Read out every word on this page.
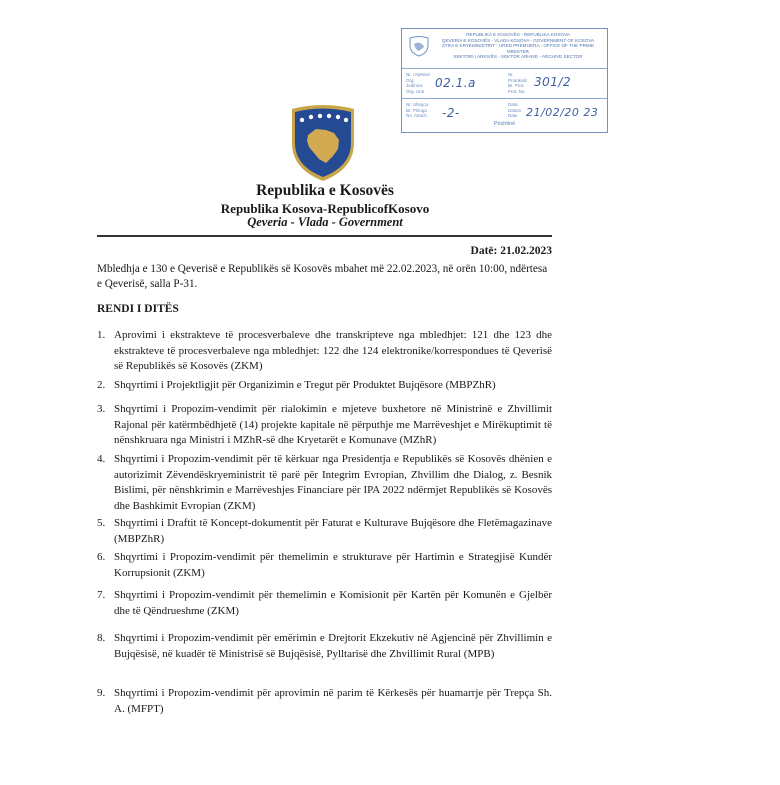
REPUBLIKA E KOSOVËS - REPUBLIKA KOSOVA
QEVERIA E KOSOVËS - VLADA KOSOVA - GOVERNMENT OF KOSOVA
ZYRA E KRYEMINISTRIT - URED PREMIJERA - OFFICE OF THE PRIME MINISTER
SEKTORI I ARKIVËS - SEKTOR ARHIVE - ARCHIVE SECTOR
Nr. i Njësisë Org. Jedinica Org. Unit
02.1.a
Nr. Protokolit Br. Prot. Prot. No.
301/2
Nr. Shtojca Br. Priloga No. Attach. -2-
Data Datum Date 21/02/20 23
Prishtinë
Republika e Kosovës
Republika Kosova-RepublicofKosovo
Qeveria - Vlada - Government
Datë: 21.02.2023
Mbledhja e 130 e Qeverisë e Republikës së Kosovës mbahet më 22.02.2023, në orën 10:00, ndërtesa e Qeverisë, salla P-31.
RENDI I DITËS
1. Aprovimi i ekstrakteve të procesverbaleve dhe transkripteve nga mbledhjet: 121 dhe 123 dhe ekstrakteve të procesverbaleve nga mbledhjet: 122 dhe 124 elektronike/korrespondues të Qeverisë së Republikës së Kosovës (ZKM)
2. Shqyrtimi i Projektligjit për Organizimin e Tregut për Produktet Bujqësore (MBPZhR)
3. Shqyrtimi i Propozim-vendimit për rialokimin e mjeteve buxhetore në Ministrinë e Zhvillimit Rajonal për katërmbëdhjetë (14) projekte kapitale në përputhje me Marrëveshjet e Mirëkuptimit të nënshkruara nga Ministri i MZhR-së dhe Kryetarët e Komunave (MZhR)
4. Shqyrtimi i Propozim-vendimit për të kërkuar nga Presidentja e Republikës së Kosovës dhënien e autorizimit Zëvendëskryeministrit të parë për Integrim Evropian, Zhvillim dhe Dialog, z. Besnik Bislimi, për nënshkrimin e Marrëveshjes Financiare për IPA 2022 ndërmjet Republikës së Kosovës dhe Bashkimit Evropian (ZKM)
5. Shqyrtimi i Draftit të Koncept-dokumentit për Faturat e Kulturave Bujqësore dhe Fletëmagazinave (MBPZhR)
6. Shqyrtimi i Propozim-vendimit për themelimin e strukturave për Hartimin e Strategjisë Kundër Korrupsionit (ZKM)
7. Shqyrtimi i Propozim-vendimit për themelimin e Komisionit për Kartën për Komunën e Gjelbër dhe të Qëndrueshme (ZKM)
8. Shqyrtimi i Propozim-vendimit për emërimin e Drejtorit Ekzekutiv në Agjencinë për Zhvillimin e Bujqësisë, në kuadër të Ministrisë së Bujqësisë, Pylltarisë dhe Zhvillimit Rural (MPB)
9. Shqyrtimi i Propozim-vendimit për aprovimin në parim të Kërkesës për huamarrje për Trepça Sh. A. (MFPT)
